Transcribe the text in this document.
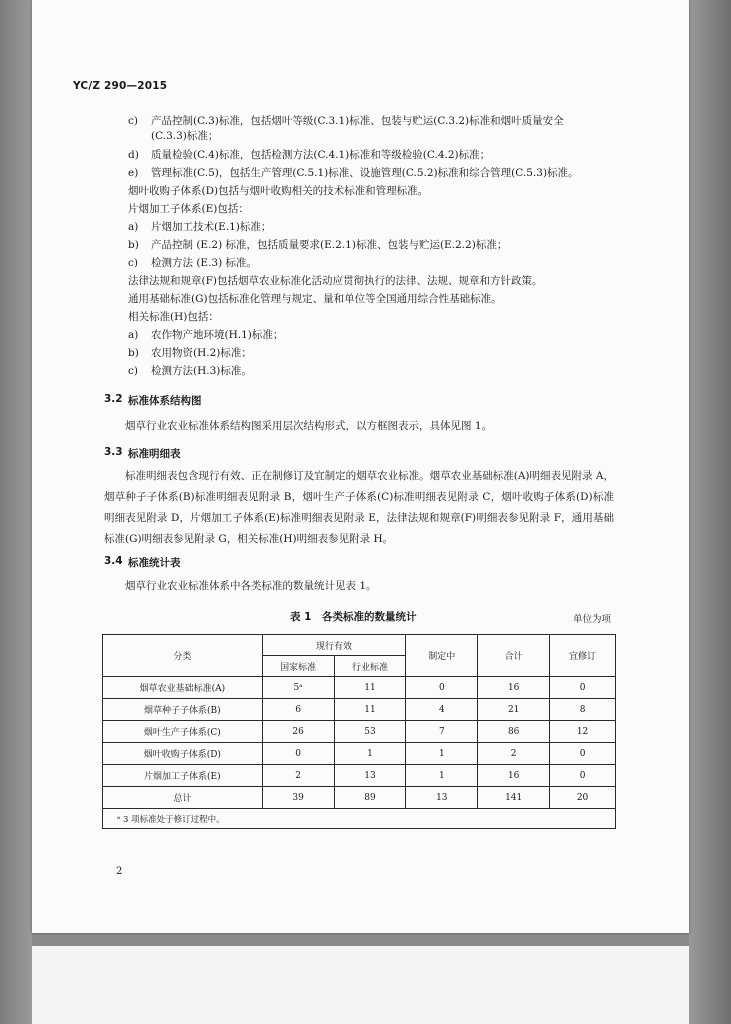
YC/Z 290—2015
c) 产品控制(C.3)标准，包括烟叶等级(C.3.1)标准、包装与贮运(C.3.2)标准和烟叶质量安全
(C.3.3)标准；
d) 质量检验(C.4)标准，包括检测方法(C.4.1)标准和等级检验(C.4.2)标准；
e) 管理标准(C.5)，包括生产管理(C.5.1)标准、设施管理(C.5.2)标准和综合管理(C.5.3)标准。
烟叶收购子体系(D)包括与烟叶收购相关的技术标准和管理标准。
片烟加工子体系(E)包括：
a) 片烟加工技术(E.1)标准；
b) 产品控制 (E.2) 标准，包括质量要求(E.2.1)标准、包装与贮运(E.2.2)标准；
c) 检测方法 (E.3) 标准。
法律法规和规章(F)包括烟草农业标准化活动应贯彻执行的法律、法规、规章和方针政策。
通用基础标准(G)包括标准化管理与规定、量和单位等全国通用综合性基础标准。
相关标准(H)包括：
a) 农作物产地环境(H.1)标准；
b) 农用物资(H.2)标准；
c) 检测方法(H.3)标准。
3.2 标准体系结构图
烟草行业农业标准体系结构图采用层次结构形式，以方框图表示，具体见图 1。
3.3 标准明细表
标准明细表包含现行有效、正在制修订及宜制定的烟草农业标准。烟草农业基础标准(A)明细表见附录 A，烟草种子子体系(B)标准明细表见附录 B，烟叶生产子体系(C)标准明细表见附录 C，烟叶收购子体系(D)标准明细表见附录 D，片烟加工子体系(E)标准明细表见附录 E，法律法规和规章(F)明细表参见附录 F，通用基础标准(G)明细表参见附录 G，相关标准(H)明细表参见附录 H。
3.4 标准统计表
烟草行业农业标准体系中各类标准的数量统计见表 1。
表 1　各类标准的数量统计	单位为项
分类	现行有效		制定中	合计	宜修订
	国家标准	行业标准			
烟草农业基础标准(A)	5ᵃ	11	0	16	0
烟草种子子体系(B)	6	11	4	21	8
烟叶生产子体系(C)	26	53	7	86	12
烟叶收购子体系(D)	0	1	1	2	0
片烟加工子体系(E)	2	13	1	16	0
总计	39	89	13	141	20
ᵃ 3 项标准处于修订过程中。					
2
